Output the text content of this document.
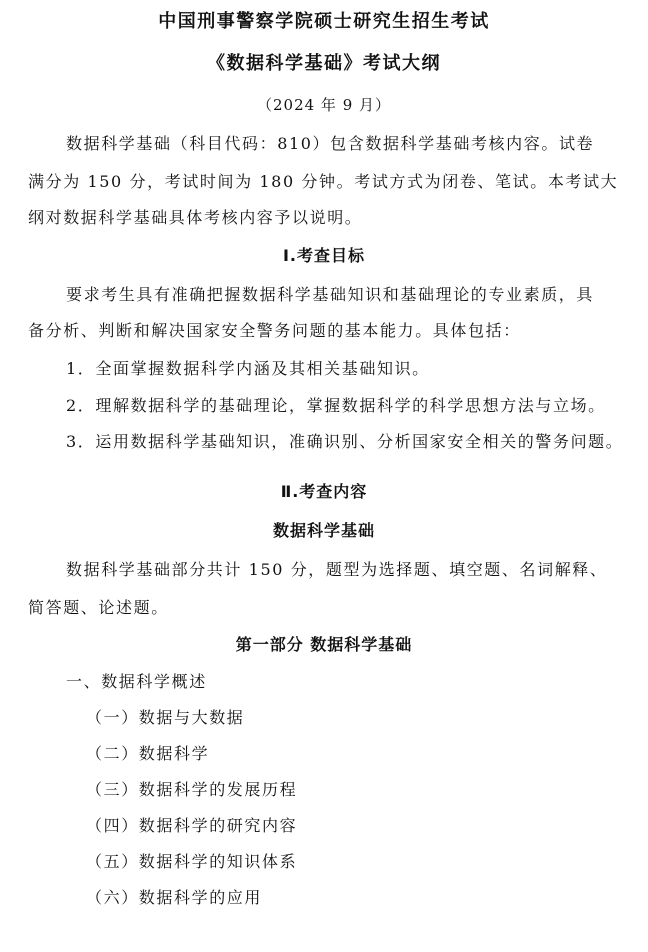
中国刑事警察学院硕士研究生招生考试
《数据科学基础》考试大纲
（2024 年 9 月）
数据科学基础（科目代码：810）包含数据科学基础考核内容。试卷
满分为 150 分，考试时间为 180 分钟。考试方式为闭卷、笔试。本考试大
纲对数据科学基础具体考核内容予以说明。
Ⅰ.考查目标
要求考生具有准确把握数据科学基础知识和基础理论的专业素质，具
备分析、判断和解决国家安全警务问题的基本能力。具体包括：
1．全面掌握数据科学内涵及其相关基础知识。
2．理解数据科学的基础理论，掌握数据科学的科学思想方法与立场。
3．运用数据科学基础知识，准确识别、分析国家安全相关的警务问题。
Ⅱ.考查内容
数据科学基础
数据科学基础部分共计 150 分，题型为选择题、填空题、名词解释、
简答题、论述题。
第一部分 数据科学基础
一、数据科学概述
（一）数据与大数据
（二）数据科学
（三）数据科学的发展历程
（四）数据科学的研究内容
（五）数据科学的知识体系
（六）数据科学的应用
